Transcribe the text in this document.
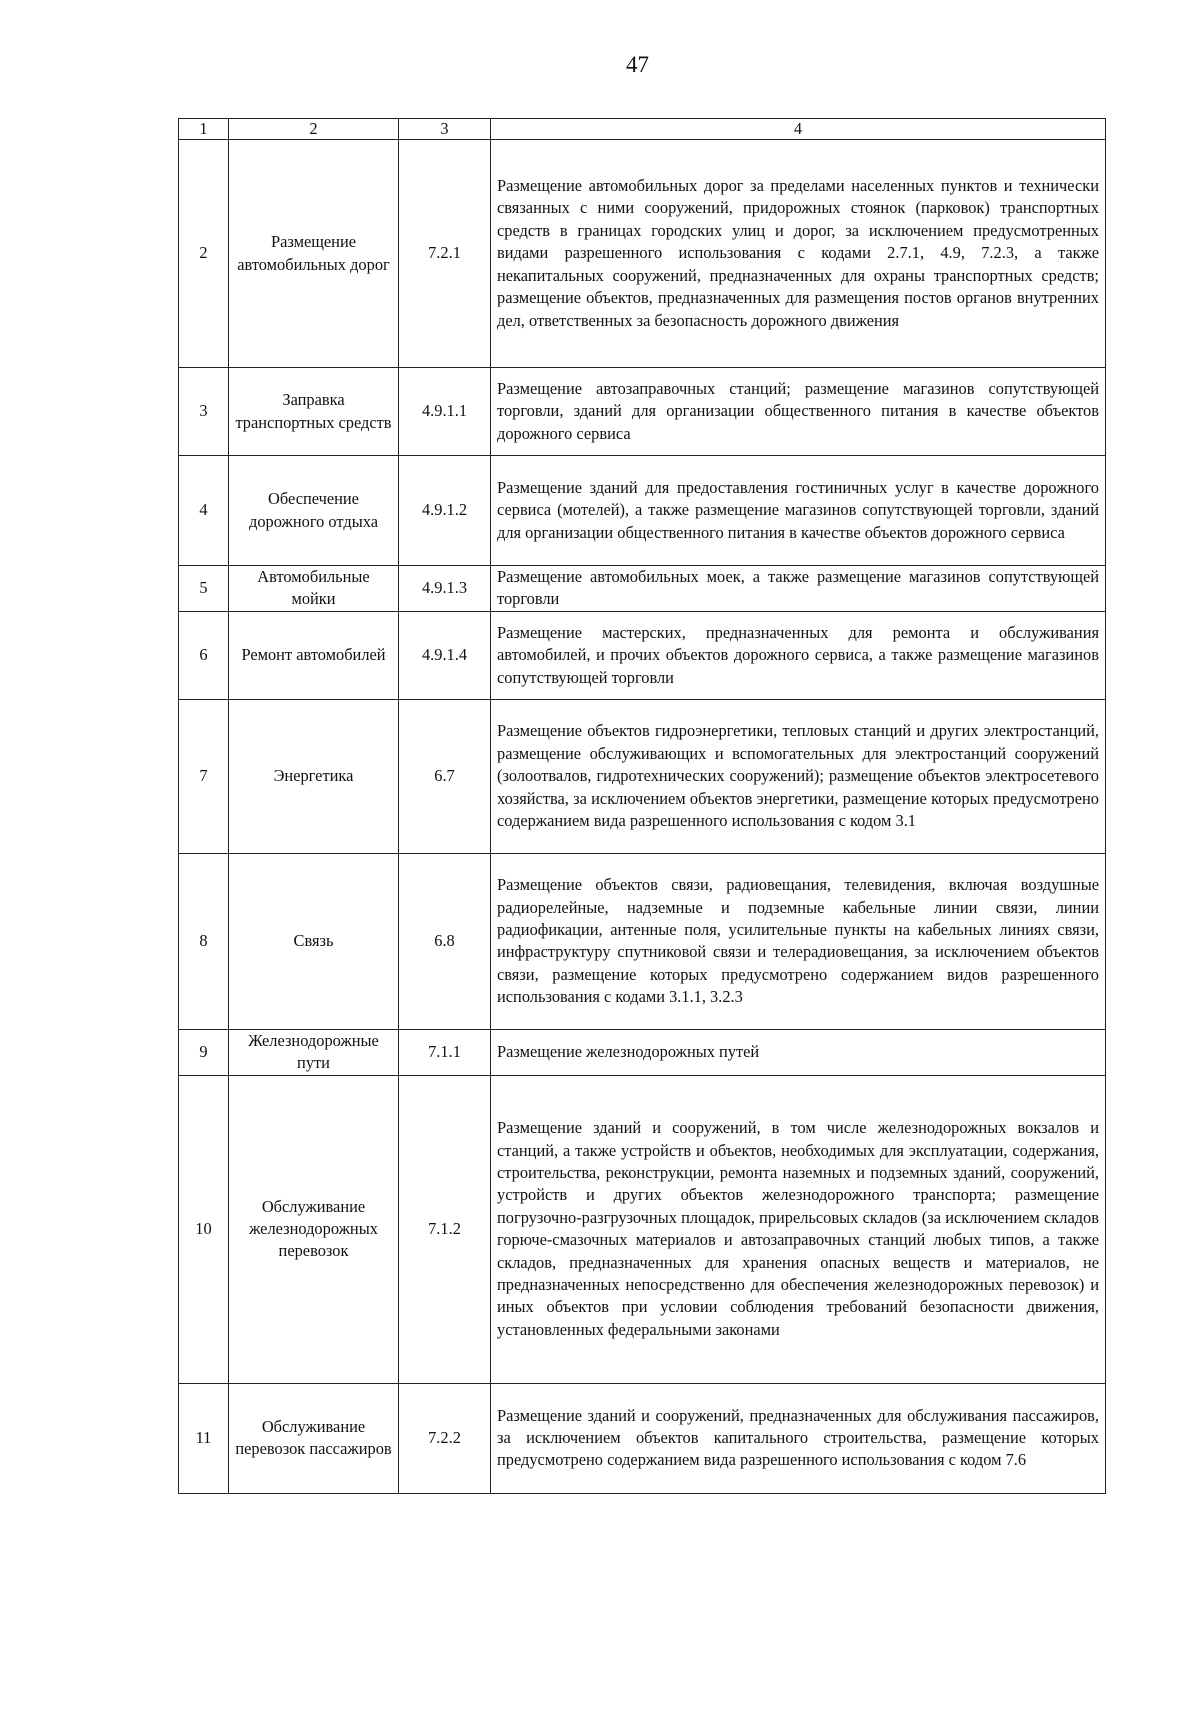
47
1	2	3	4
2	Размещение автомобильных дорог	7.2.1	Размещение автомобильных дорог за пределами населенных пунктов и технически связанных с ними сооружений, придорожных стоянок (парковок) транспортных средств в границах городских улиц и дорог, за исключением предусмотренных видами разрешенного использования с кодами 2.7.1, 4.9, 7.2.3, а также некапитальных сооружений, предназначенных для охраны транспортных средств; размещение объектов, предназначенных для размещения постов органов внутренних дел, ответственных за безопасность дорожного движения
3	Заправка транспортных средств	4.9.1.1	Размещение автозаправочных станций; размещение магазинов сопутствующей торговли, зданий для организации общественного питания в качестве объектов дорожного сервиса
4	Обеспечение дорожного отдыха	4.9.1.2	Размещение зданий для предоставления гостиничных услуг в качестве дорожного сервиса (мотелей), а также размещение магазинов сопутствующей торговли, зданий для организации общественного питания в качестве объектов дорожного сервиса
5	Автомобильные мойки	4.9.1.3	Размещение автомобильных моек, а также размещение магазинов сопутствующей торговли
6	Ремонт автомобилей	4.9.1.4	Размещение мастерских, предназначенных для ремонта и обслуживания автомобилей, и прочих объектов дорожного сервиса, а также размещение магазинов сопутствующей торговли
7	Энергетика	6.7	Размещение объектов гидроэнергетики, тепловых станций и других электростанций, размещение обслуживающих и вспомогательных для электростанций сооружений (золоотвалов, гидротехнических сооружений); размещение объектов электросетевого хозяйства, за исключением объектов энергетики, размещение которых предусмотрено содержанием вида разрешенного использования с кодом 3.1
8	Связь	6.8	Размещение объектов связи, радиовещания, телевидения, включая воздушные радиорелейные, надземные и подземные кабельные линии связи, линии радиофикации, антенные поля, усилительные пункты на кабельных линиях связи, инфраструктуру спутниковой связи и телерадиовещания, за исключением объектов связи, размещение которых предусмотрено содержанием видов разрешенного использования с кодами 3.1.1, 3.2.3
9	Железнодорожные пути	7.1.1	Размещение железнодорожных путей
10	Обслуживание железнодорожных перевозок	7.1.2	Размещение зданий и сооружений, в том числе железнодорожных вокзалов и станций, а также устройств и объектов, необходимых для эксплуатации, содержания, строительства, реконструкции, ремонта наземных и подземных зданий, сооружений, устройств и других объектов железнодорожного транспорта; размещение погрузочно-разгрузочных площадок, прирельсовых складов (за исключением складов горюче-смазочных материалов и автозаправочных станций любых типов, а также складов, предназначенных для хранения опасных веществ и материалов, не предназначенных непосредственно для обеспечения железнодорожных перевозок) и иных объектов при условии соблюдения требований безопасности движения, установленных федеральными законами
11	Обслуживание перевозок пассажиров	7.2.2	Размещение зданий и сооружений, предназначенных для обслуживания пассажиров, за исключением объектов капитального строительства, размещение которых предусмотрено содержанием вида разрешенного использования с кодом 7.6
